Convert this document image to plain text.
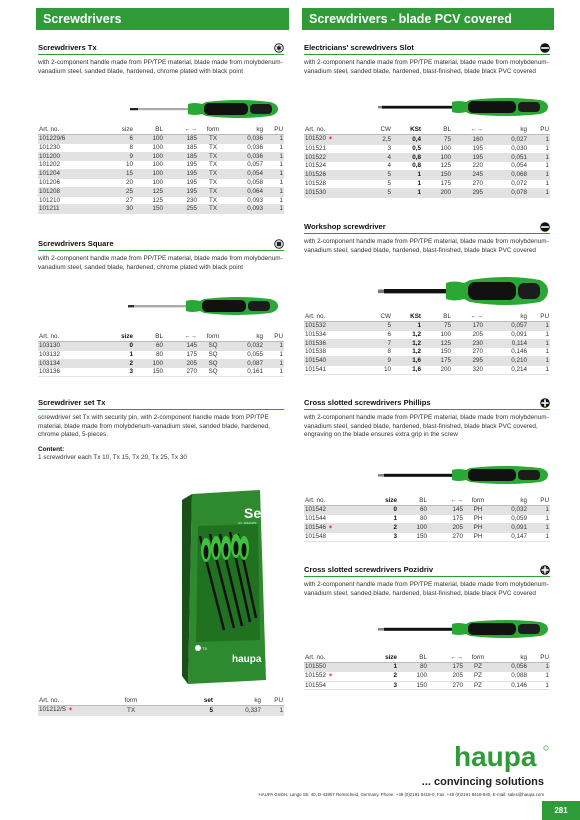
Screwdrivers	Screwdrivers - blade PCV covered
Screwdrivers Tx
with 2-component handle made from PP/TPE material, blade made from molybdenum-vanadium steel, sanded blade, hardened, chrome plated with black point
Art. no.	size	BL	←→	form	kg	PU
101229/6	6	100	185	TX	0,036	1
101230	8	100	185	TX	0,036	1
101200	9	100	185	TX	0,036	1
101202	10	100	195	TX	0,057	1
101204	15	100	195	TX	0,054	1
101206	20	100	195	TX	0,058	1
101208	25	125	195	TX	0,064	1
101210	27	125	230	TX	0,093	1
101211	30	150	255	TX	0,093	1
Screwdrivers Square
with 2-component handle made from PP/TPE material, blade made from molybdenum-vanadium steel, sanded blade, hardened, chrome plated with black point
Art. no.	size	BL	←→	form	kg	PU
103130	0	60	145	SQ	0,032	1
103132	1	80	175	SQ	0,055	1
103134	2	100	205	SQ	0,087	1
103136	3	150	270	SQ	0,161	1
Screwdriver set Tx
screwdriver set Tx with security pin, with 2-component handle made from PP/TPE material, blade made from molybdenum-vanadium steel, sanded blade, hardened, chrome plated, 5-pieces.
Content:
1 screwdriver each Tx 10, Tx 15, Tx 20, Tx 25, Tx 30
Set
Art. 101212/S
haupa
TX
Art. no.	form	set	kg	PU
101212/S ✶	TX	5	0,337	1
Electricians' screwdrivers Slot
with 2-component handle made from PP/TPE material, blade made from molybdenum-vanadium steel, sanded blade, hardened, blast-finished, blade black PVC covered
Art. no.	CW	KSt	BL	←→	kg	PU
101520 ✶	2,5	0,4	75	160	0,027	1
101521	3	0,5	100	195	0,030	1
101522	4	0,8	100	195	0,051	1
101524	4	0,8	125	220	0,054	1
101526	5	1	150	245	0,068	1
101528	5	1	175	270	0,072	1
101530	5	1	200	295	0,078	1
Workshop screwdriver
with 2-component handle made from PP/TPE material, blade made from molybdenum-vanadium steel, sanded blade, hardened, blast-finished, blade black PVC covered
Art. no.	CW	KSt	BL	←→	kg	PU
101532	5	1	75	170	0,057	1
101534	6	1,2	100	205	0,091	1
101536	7	1,2	125	230	0,114	1
101538	8	1,2	150	270	0,146	1
101540	9	1,6	175	295	0,210	1
101541	10	1,6	200	320	0,214	1
Cross slotted screwdrivers Phillips
with 2-component handle made from PP/TPE material, blade made from molybdenum-vanadium steel, sanded blade, hardened, blast-finished, blade black PVC covered, engraving on the blade ensures extra grip in the screw
Art. no.	size	BL	←→	form	kg	PU
101542	0	60	145	PH	0,032	1
101544	1	80	175	PH	0,059	1
101546 ✶	2	100	205	PH	0,091	1
101548	3	150	270	PH	0,147	1
Cross slotted screwdrivers Pozidriv
with 2-component handle made from PP/TPE material, blade made from molybdenum-vanadium steel, sanded blade, hardened, blast-finished, blade black PVC covered
Art. no.	size	BL	←→	form	kg	PU
101550	1	80	175	PZ	0,056	1
101552 ✶	2	100	205	PZ	0,088	1
101554	3	150	270	PZ	0,146	1
haupa
... convincing solutions
HAUPA GmbH, Lange Str. 40, D-42857 Remscheid, Germany, Phone: +49 (0)2191 8418-0, Fax: +49 (0)2191 8418-840, E-mail: sales@haupa.com
281
